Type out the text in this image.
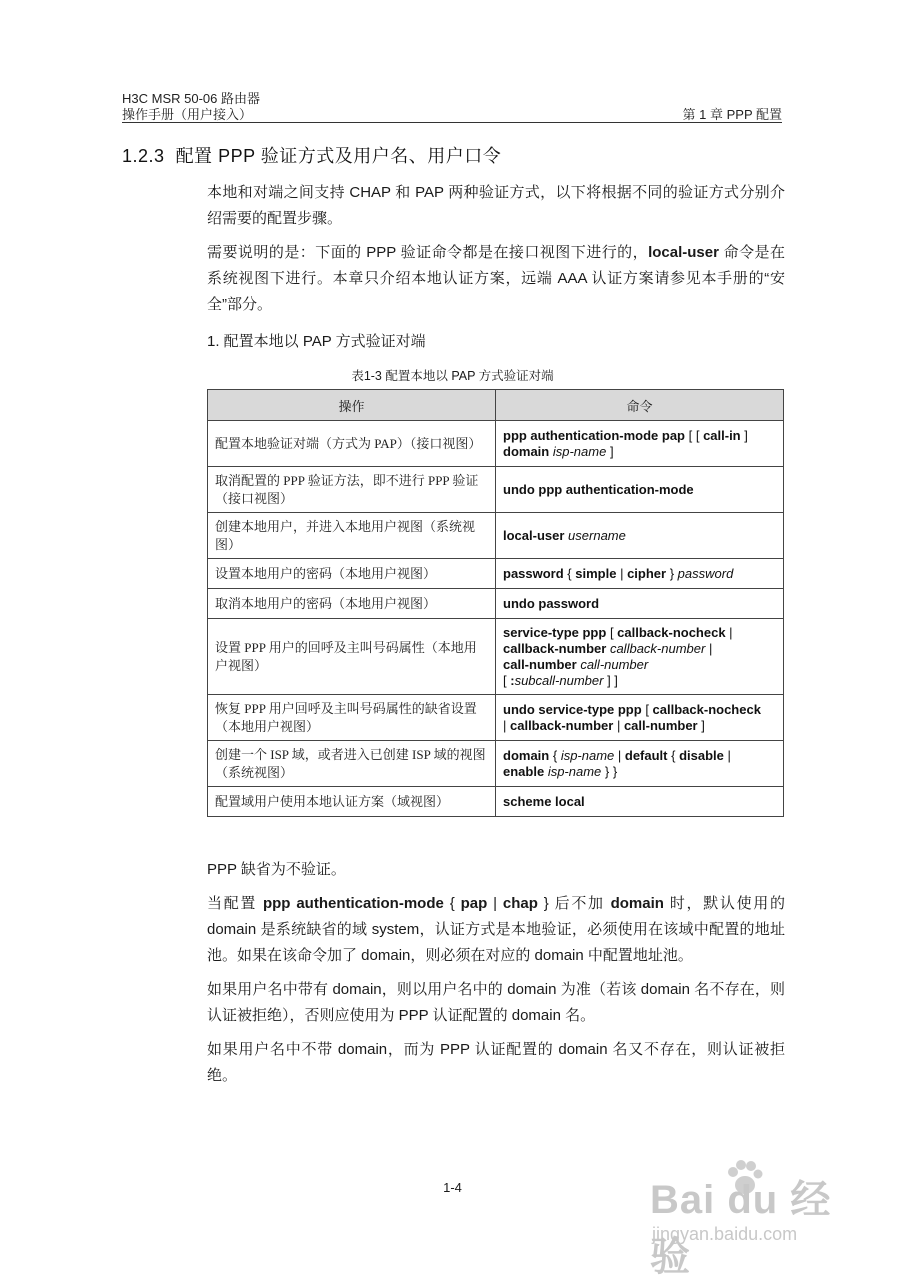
H3C MSR 50-06 路由器
操作手册（用户接入）	第 1 章 PPP 配置
1.2.3 配置 PPP 验证方式及用户名、用户口令

本地和对端之间支持 CHAP 和 PAP 两种验证方式，以下将根据不同的验证方式分别介绍需要的配置步骤。

需要说明的是：下面的 PPP 验证命令都是在接口视图下进行的，local-user 命令是在系统视图下进行。本章只介绍本地认证方案，远端 AAA 认证方案请参见本手册的“安全”部分。

1. 配置本地以 PAP 方式验证对端
表1-3 配置本地以 PAP 方式验证对端
操作	命令
配置本地验证对端（方式为 PAP）（接口视图）	ppp authentication-mode pap [ [ call-in ] domain isp-name ]
取消配置的 PPP 验证方法，即不进行 PPP 验证（接口视图）	undo ppp authentication-mode
创建本地用户，并进入本地用户视图（系统视图）	local-user username
设置本地用户的密码（本地用户视图）	password { simple | cipher } password
取消本地用户的密码（本地用户视图）	undo password
设置 PPP 用户的回呼及主叫号码属性（本地用户视图）	service-type ppp [ callback-nocheck |
callback-number callback-number |
call-number call-number
[ :subcall-number ] ]
恢复 PPP 用户回呼及主叫号码属性的缺省设置（本地用户视图）	undo service-type ppp [ callback-nocheck
| callback-number | call-number ]
创建一个 ISP 域，或者进入已创建 ISP 域的视图（系统视图）	domain { isp-name | default { disable |
enable isp-name } }
配置域用户使用本地认证方案（域视图）	scheme local

PPP 缺省为不验证。

当配置 ppp authentication-mode { pap | chap } 后不加 domain 时，默认使用的 domain 是系统缺省的域 system，认证方式是本地验证，必须使用在该域中配置的地址池。如果在该命令加了 domain，则必须在对应的 domain 中配置地址池。

如果用户名中带有 domain，则以用户名中的 domain 为准（若该 domain 名不存在，则认证被拒绝），否则应使用为 PPP 认证配置的 domain 名。

如果用户名中不带 domain，而为 PPP 认证配置的 domain 名又不存在，则认证被拒绝。

1-4	Bai du 经验
jingyan.baidu.com
